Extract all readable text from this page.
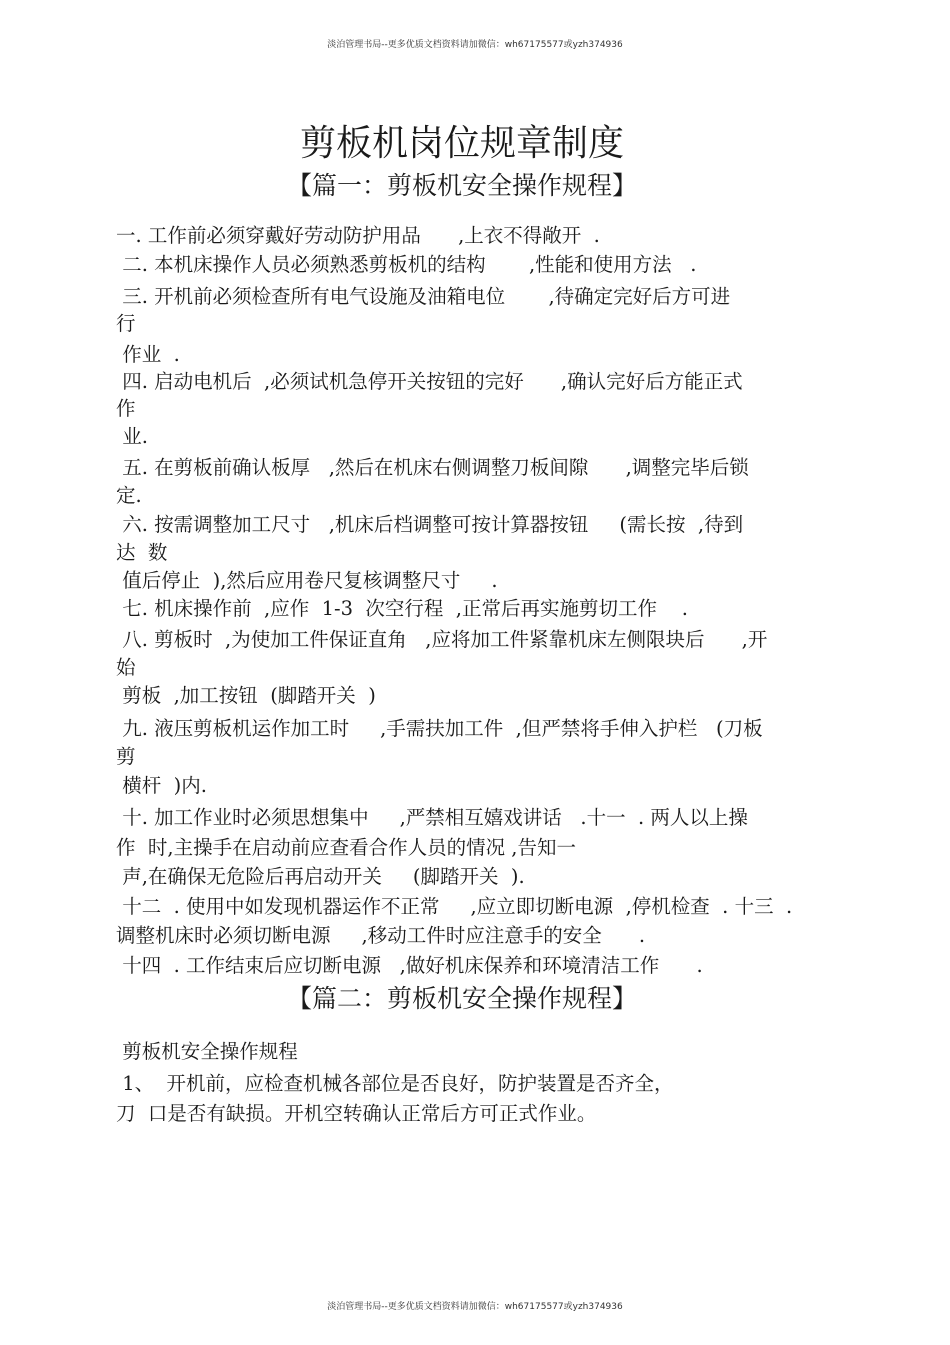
淡泊管理书局--更多优质文档资料请加微信：wh67175577或yzh374936
剪板机岗位规章制度
【篇一：剪板机安全操作规程】

一. 工作前必须穿戴好劳动防护用品      ,上衣不得敞开  .

二. 本机床操作人员必须熟悉剪板机的结构       ,性能和使用方法   .

三. 开机前必须检查所有电气设施及油箱电位       ,待确定完好后方可进

行

作业  .

四. 启动电机后  ,必须试机急停开关按钮的完好      ,确认完好后方能正式

作

业.

五. 在剪板前确认板厚   ,然后在机床右侧调整刀板间隙      ,调整完毕后锁

定.

六. 按需调整加工尺寸   ,机床后档调整可按计算器按钮     (需长按  ,待到

达  数

值后停止  ),然后应用卷尺复核调整尺寸     .

七. 机床操作前  ,应作  1-3  次空行程  ,正常后再实施剪切工作    .

八. 剪板时  ,为使加工件保证直角   ,应将加工件紧靠机床左侧限块后      ,开

始

剪板  ,加工按钮  (脚踏开关  )

九. 液压剪板机运作加工时     ,手需扶加工件  ,但严禁将手伸入护栏   (刀板

剪

横杆  )内.

十. 加工作业时必须思想集中     ,严禁相互嬉戏讲话   .十一  . 两人以上操

作  时,主操手在启动前应查看合作人员的情况 ,告知一

声,在确保无危险后再启动开关     (脚踏开关  ).

十二  . 使用中如发现机器运作不正常     ,应立即切断电源  ,停机检查  . 十三  .

调整机床时必须切断电源     ,移动工件时应注意手的安全      .

十四  . 工作结束后应切断电源   ,做好机床保养和环境清洁工作      .

【篇二：剪板机安全操作规程】

剪板机安全操作规程

1、  开机前，应检查机械各部位是否良好，防护装置是否齐全，

刀  口是否有缺损。开机空转确认正常后方可正式作业。

淡泊管理书局--更多优质文档资料请加微信：wh67175577或yzh374936
